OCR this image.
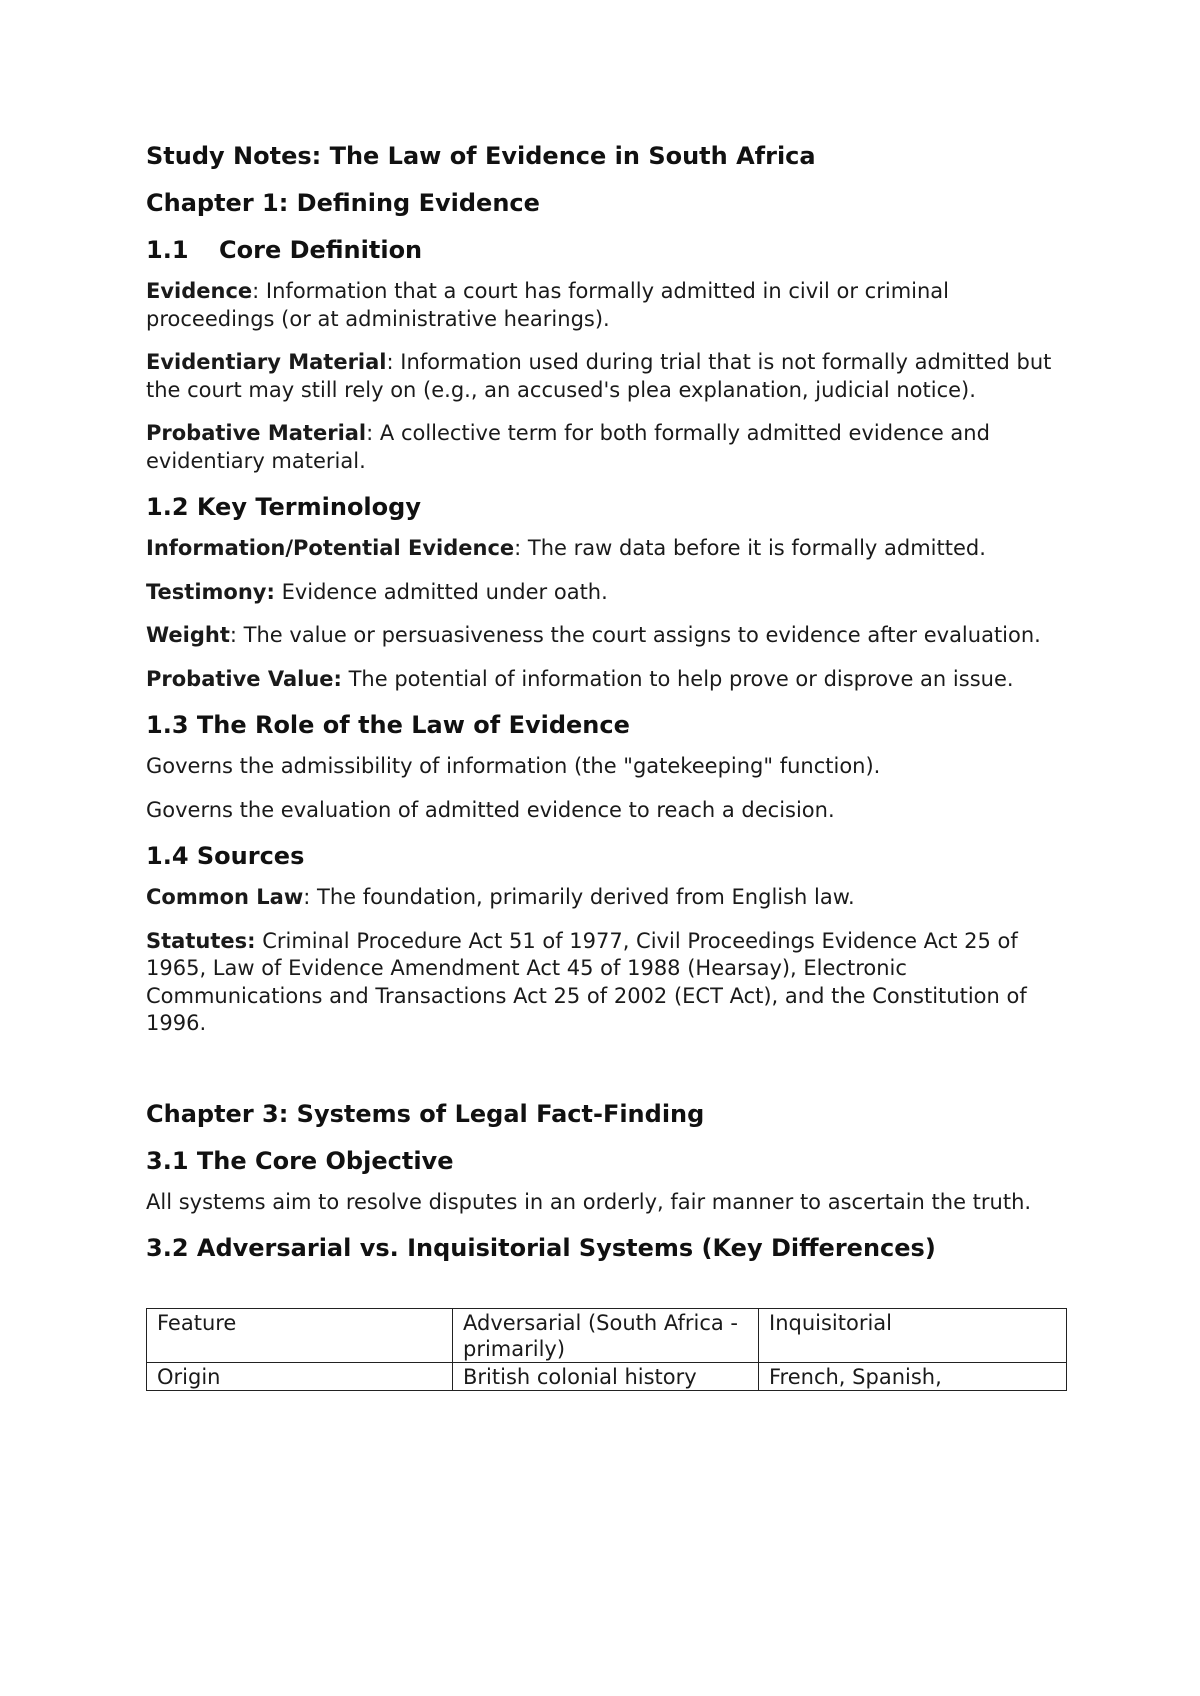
Study Notes: The Law of Evidence in South Africa
Chapter 1: Defining Evidence
1.1 Core Definition

Evidence: Information that a court has formally admitted in civil or criminal proceedings (or at administrative hearings).

Evidentiary Material: Information used during trial that is not formally admitted but the court may still rely on (e.g., an accused's plea explanation, judicial notice).

Probative Material: A collective term for both formally admitted evidence and evidentiary material.

1.2 Key Terminology

Information/Potential Evidence: The raw data before it is formally admitted.

Testimony: Evidence admitted under oath.

Weight: The value or persuasiveness the court assigns to evidence after evaluation.

Probative Value: The potential of information to help prove or disprove an issue.

1.3 The Role of the Law of Evidence

Governs the admissibility of information (the "gatekeeping" function).

Governs the evaluation of admitted evidence to reach a decision.

1.4 Sources

Common Law: The foundation, primarily derived from English law.

Statutes: Criminal Procedure Act 51 of 1977, Civil Proceedings Evidence Act 25 of 1965, Law of Evidence Amendment Act 45 of 1988 (Hearsay), Electronic Communications and Transactions Act 25 of 2002 (ECT Act), and the Constitution of 1996.

Chapter 3: Systems of Legal Fact-Finding
3.1 The Core Objective

All systems aim to resolve disputes in an orderly, fair manner to ascertain the truth.

3.2 Adversarial vs. Inquisitorial Systems (Key Differences)
Feature	Adversarial (South Africa - primarily)	Inquisitorial
Origin	British colonial history	French, Spanish,
